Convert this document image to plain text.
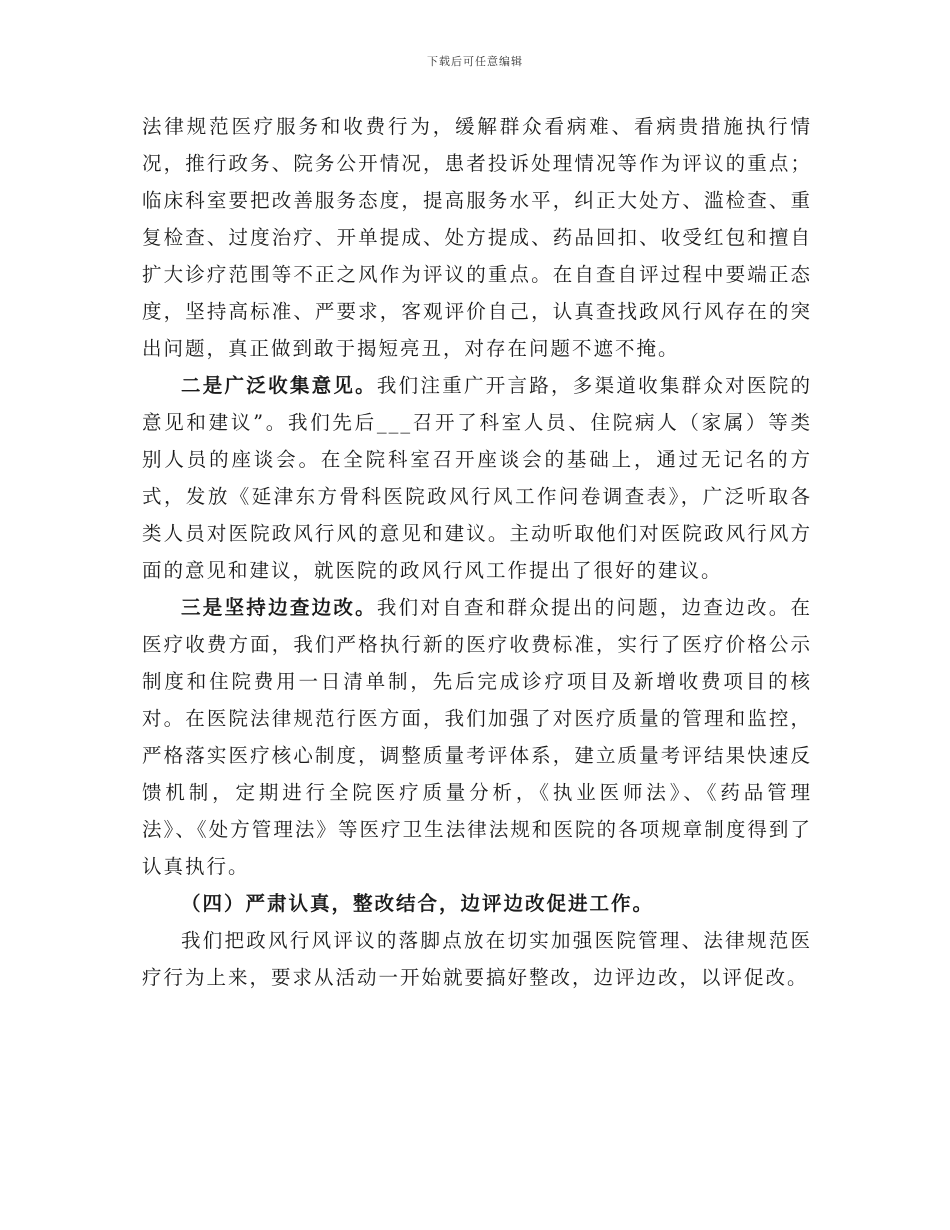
下载后可任意编辑

法律规范医疗服务和收费行为，缓解群众看病难、看病贵措施执行情况，推行政务、院务公开情况，患者投诉处理情况等作为评议的重点；临床科室要把改善服务态度，提高服务水平，纠正大处方、滥检查、重复检查、过度治疗、开单提成、处方提成、药品回扣、收受红包和擅自扩大诊疗范围等不正之风作为评议的重点。在自查自评过程中要端正态度，坚持高标准、严要求，客观评价自己，认真查找政风行风存在的突出问题，真正做到敢于揭短亮丑，对存在问题不遮不掩。

二是广泛收集意见。我们注重广开言路，多渠道收集群众对医院的意见和建议”。我们先后___召开了科室人员、住院病人（家属）等类别人员的座谈会。在全院科室召开座谈会的基础上，通过无记名的方式，发放《延津东方骨科医院政风行风工作问卷调查表》，广泛听取各类人员对医院政风行风的意见和建议。主动听取他们对医院政风行风方面的意见和建议，就医院的政风行风工作提出了很好的建议。

三是坚持边查边改。我们对自查和群众提出的问题，边查边改。在医疗收费方面，我们严格执行新的医疗收费标准，实行了医疗价格公示制度和住院费用一日清单制，先后完成诊疗项目及新增收费项目的核对。在医院法律规范行医方面，我们加强了对医疗质量的管理和监控，严格落实医疗核心制度，调整质量考评体系，建立质量考评结果快速反馈机制，定期进行全院医疗质量分析，《执业医师法》、《药品管理法》、《处方管理法》等医疗卫生法律法规和医院的各项规章制度得到了认真执行。

（四）严肃认真，整改结合，边评边改促进工作。

我们把政风行风评议的落脚点放在切实加强医院管理、法律规范医疗行为上来，要求从活动一开始就要搞好整改，边评边改，以评促改。
